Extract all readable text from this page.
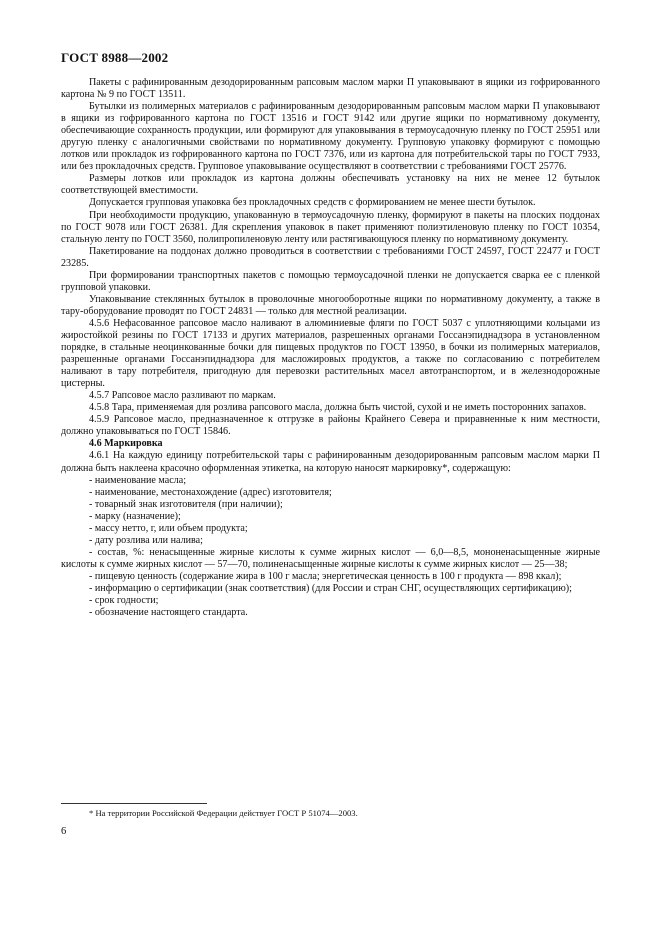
ГОСТ 8988—2002

Пакеты с рафинированным дезодорированным рапсовым маслом марки П упаковывают в ящики из гофрированного картона № 9 по ГОСТ 13511.

Бутылки из полимерных материалов с рафинированным дезодорированным рапсовым маслом марки П упаковывают в ящики из гофрированного картона по ГОСТ 13516 и ГОСТ 9142 или другие ящики по нормативному документу, обеспечивающие сохранность продукции, или формируют для упаковывания в термоусадочную пленку по ГОСТ 25951 или другую пленку с аналогичными свойствами по нормативному документу. Групповую упаковку формируют с помощью лотков или прокладок из гофрированного картона по ГОСТ 7376, или из картона для потребительской тары по ГОСТ 7933, или без прокладочных средств. Групповое упаковывание осуществляют в соответствии с требованиями ГОСТ 25776.

Размеры лотков или прокладок из картона должны обеспечивать установку на них не менее 12 бутылок соответствующей вместимости.

Допускается групповая упаковка без прокладочных средств с формированием не менее шести бутылок.

При необходимости продукцию, упакованную в термоусадочную пленку, формируют в пакеты на плоских поддонах по ГОСТ 9078 или ГОСТ 26381. Для скрепления упаковок в пакет применяют полиэтиленовую пленку по ГОСТ 10354, стальную ленту по ГОСТ 3560, полипропиленовую ленту или растягивающуюся пленку по нормативному документу.

Пакетирование на поддонах должно проводиться в соответствии с требованиями ГОСТ 24597, ГОСТ 22477 и ГОСТ 23285.

При формировании транспортных пакетов с помощью термоусадочной пленки не допускается сварка ее с пленкой групповой упаковки.

Упаковывание стеклянных бутылок в проволочные многооборотные ящики по нормативному документу, а также в тару-оборудование проводят по ГОСТ 24831 — только для местной реализации.

4.5.6 Нефасованное рапсовое масло наливают в алюминиевые фляги по ГОСТ 5037 с уплотняющими кольцами из жиростойкой резины по ГОСТ 17133 и других материалов, разрешенных органами Госсанэпиднадзора в установленном порядке, в стальные неоцинкованные бочки для пищевых продуктов по ГОСТ 13950, в бочки из полимерных материалов, разрешенные органами Госсанэпиднадзора для масложировых продуктов, а также по согласованию с потребителем наливают в тару потребителя, пригодную для перевозки растительных масел автотранспортом, и в железнодорожные цистерны.

4.5.7 Рапсовое масло разливают по маркам.

4.5.8 Тара, применяемая для розлива рапсового масла, должна быть чистой, сухой и не иметь посторонних запахов.

4.5.9 Рапсовое масло, предназначенное к отгрузке в районы Крайнего Севера и приравненные к ним местности, должно упаковываться по ГОСТ 15846.

4.6 Маркировка

4.6.1 На каждую единицу потребительской тары с рафинированным дезодорированным рапсовым маслом марки П должна быть наклеена красочно оформленная этикетка, на которую наносят маркировку*, содержащую:

- наименование масла;

- наименование, местонахождение (адрес) изготовителя;

- товарный знак изготовителя (при наличии);

- марку (назначение);

- массу нетто, г, или объем продукта;

- дату розлива или налива;

- состав, %: ненасыщенные жирные кислоты к сумме жирных кислот — 6,0—8,5, мононенасыщенные жирные кислоты к сумме жирных кислот — 57—70, полиненасыщенные жирные кислоты к сумме жирных кислот — 25—38;

- пищевую ценность (содержание жира в 100 г масла; энергетическая ценность в 100 г продукта — 898 ккал);

- информацию о сертификации (знак соответствия) (для России и стран СНГ, осуществляющих сертификацию);

- срок годности;

- обозначение настоящего стандарта.

* На территории Российской Федерации действует ГОСТ Р 51074—2003.
6
